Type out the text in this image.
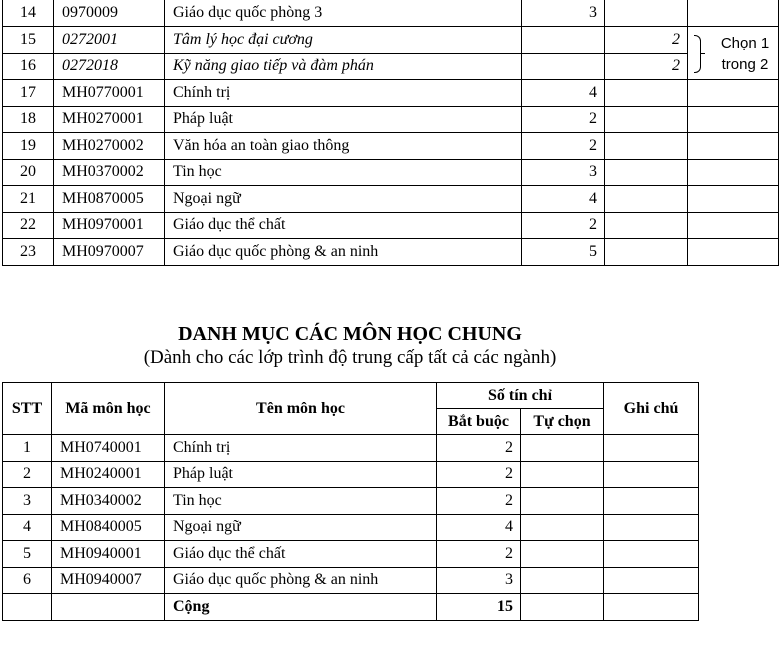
14	0970009	Giáo dục quốc phòng 3	3		
15	0272001	Tâm lý học đại cương		2	Chọn 1
trong 2

16	0272018	Kỹ năng giao tiếp và đàm phán		2	
17	MH0770001	Chính trị	4		
18	MH0270001	Pháp luật	2		
19	MH0270002	Văn hóa an toàn giao thông	2		
20	MH0370002	Tin học	3		
21	MH0870005	Ngoại ngữ	4		
22	MH0970001	Giáo dục thể chất	2		
23	MH0970007	Giáo dục quốc phòng & an ninh	5		
DANH MỤC CÁC MÔN HỌC CHUNG
(Dành cho các lớp trình độ trung cấp tất cả các ngành)
STT	Mã môn học	Tên môn học	Số tín chỉ		Ghi chú
			Bắt buộc	Tự chọn	
1	MH0740001	Chính trị	2		
2	MH0240001	Pháp luật	2		
3	MH0340002	Tin học	2		
4	MH0840005	Ngoại ngữ	4		
5	MH0940001	Giáo dục thể chất	2		
6	MH0940007	Giáo dục quốc phòng & an ninh	3		
		Cộng	15		
